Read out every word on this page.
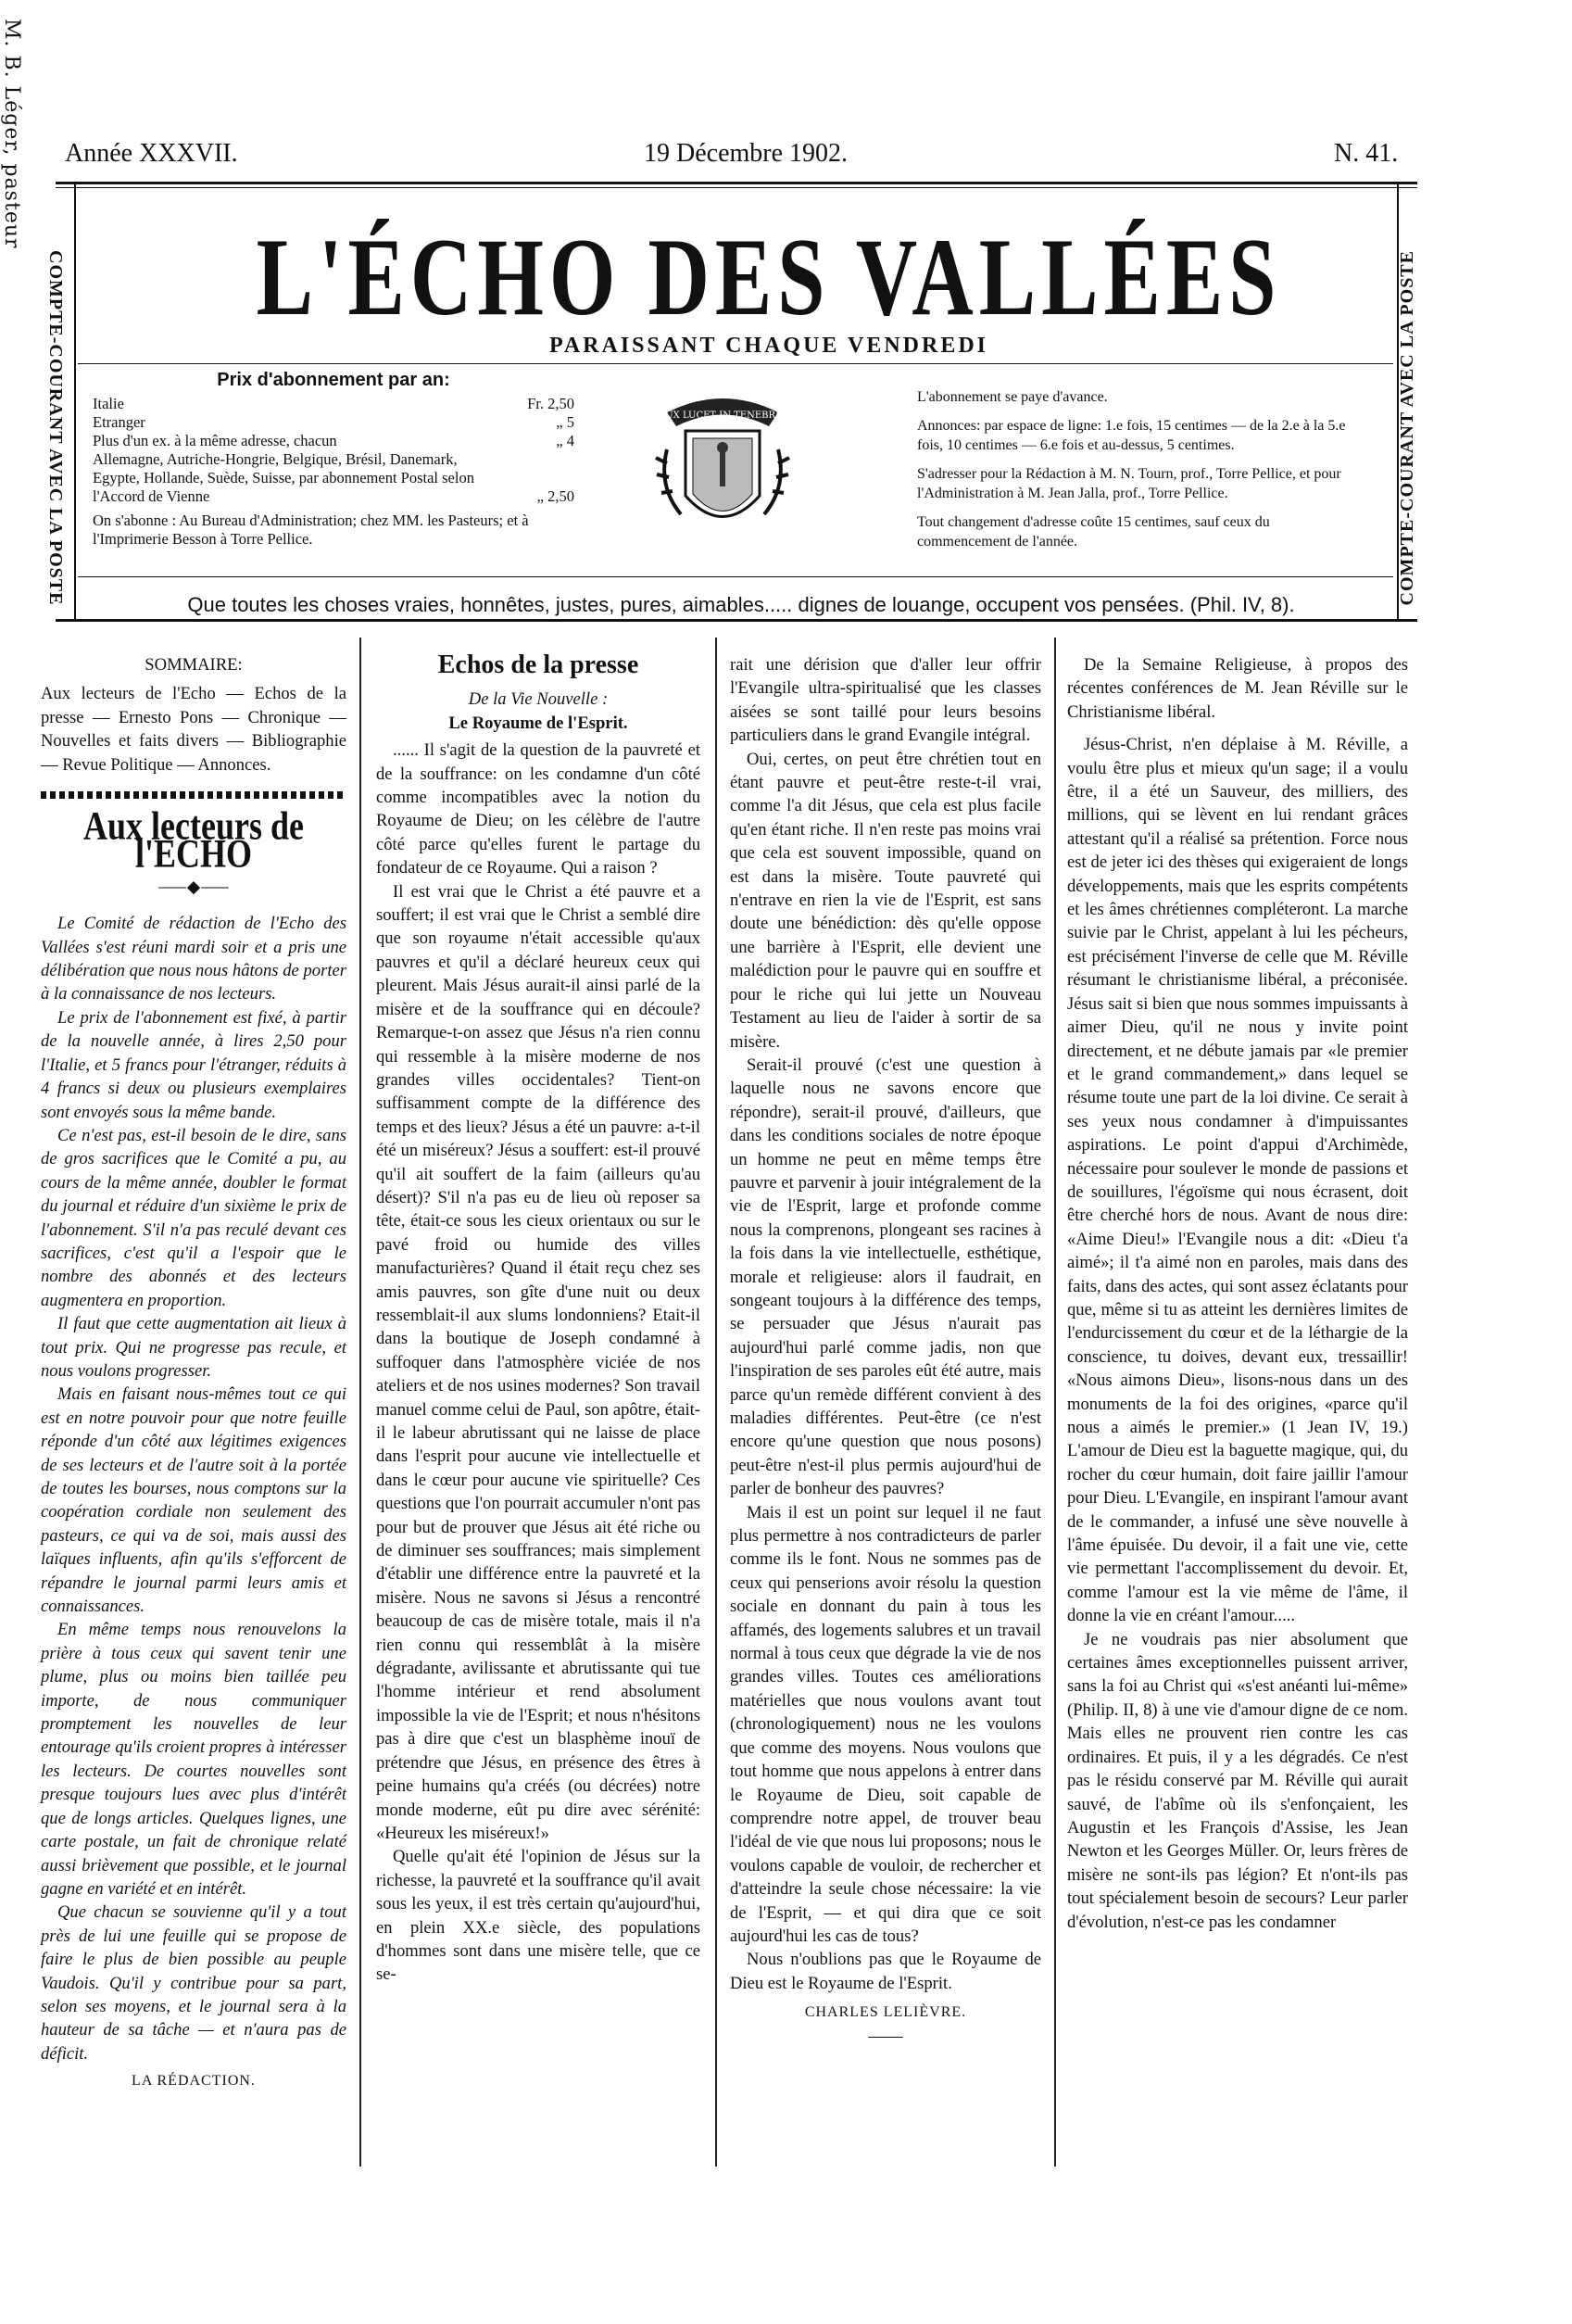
M. B. Léger, pasteur Année XXXVII.	19 Décembre 1902.	N. 41.
COMPTE-COURANT AVEC LA POSTE	COMPTE-COURANT AVEC LA POSTE
L'ÉCHO DES VALLÉES
PARAISSANT CHAQUE VENDREDI
Prix d'abonnement par an:
Italie	Fr. 2,50
Etranger	„ 5
Plus d'un ex. à la même adresse, chacun	„ 4
Allemagne, Autriche-Hongrie, Belgique, Brésil, Danemark, Egypte, Hollande, Suède, Suisse, par abonnement Postal selon l'Accord de Vienne	„ 2,50
On s'abonne : Au Bureau d'Administration; chez MM. les Pasteurs; et à l'Imprimerie Besson à Torre Pellice.
LUX LUCET IN TENEBRIS

L'abonnement se paye d'avance.

Annonces: par espace de ligne: 1.e fois, 15 centimes — de la 2.e à la 5.e fois, 10 centimes — 6.e fois et au-dessus, 5 centimes.

S'adresser pour la Rédaction à M. N. Tourn, prof., Torre Pellice, et pour l'Administration à M. Jean Jalla, prof., Torre Pellice.

Tout changement d'adresse coûte 15 centimes, sauf ceux du commencement de l'année.

Que toutes les choses vraies, honnêtes, justes, pures, aimables..... dignes de louange, occupent vos pensées. (Phil. IV, 8).
SOMMAIRE:

Aux lecteurs de l'Echo — Echos de la presse — Ernesto Pons — Chronique — Nouvelles et faits divers — Bibliographie — Revue Politique — Annonces.

Aux lecteurs de l'ECHO
⸺◆⸺

Le Comité de rédaction de l'Echo des Vallées s'est réuni mardi soir et a pris une délibération que nous nous hâtons de porter à la connaissance de nos lecteurs.

Le prix de l'abonnement est fixé, à partir de la nouvelle année, à lires 2,50 pour l'Italie, et 5 francs pour l'étranger, réduits à 4 francs si deux ou plusieurs exemplaires sont envoyés sous la même bande.

Ce n'est pas, est-il besoin de le dire, sans de gros sacrifices que le Comité a pu, au cours de la même année, doubler le format du journal et réduire d'un sixième le prix de l'abonnement. S'il n'a pas reculé devant ces sacrifices, c'est qu'il a l'espoir que le nombre des abonnés et des lecteurs augmentera en proportion.

Il faut que cette augmentation ait lieux à tout prix. Qui ne progresse pas recule, et nous voulons progresser.

Mais en faisant nous-mêmes tout ce qui est en notre pouvoir pour que notre feuille réponde d'un côté aux légitimes exigences de ses lecteurs et de l'autre soit à la portée de toutes les bourses, nous comptons sur la coopération cordiale non seulement des pasteurs, ce qui va de soi, mais aussi des laïques influents, afin qu'ils s'efforcent de répandre le journal parmi leurs amis et connaissances.

En même temps nous renouvelons la prière à tous ceux qui savent tenir une plume, plus ou moins bien taillée peu importe, de nous communiquer promptement les nouvelles de leur entourage qu'ils croient propres à intéresser les lecteurs. De courtes nouvelles sont presque toujours lues avec plus d'intérêt que de longs articles. Quelques lignes, une carte postale, un fait de chronique relaté aussi brièvement que possible, et le journal gagne en variété et en intérêt.

Que chacun se souvienne qu'il y a tout près de lui une feuille qui se propose de faire le plus de bien possible au peuple Vaudois. Qu'il y contribue pour sa part, selon ses moyens, et le journal sera à la hauteur de sa tâche — et n'aura pas de déficit.

LA RÉDACTION.
Echos de la presse
De la Vie Nouvelle :
Le Royaume de l'Esprit.

...... Il s'agit de la question de la pauvreté et de la souffrance: on les condamne d'un côté comme incompatibles avec la notion du Royaume de Dieu; on les célèbre de l'autre côté parce qu'elles furent le partage du fondateur de ce Royaume. Qui a raison ?

Il est vrai que le Christ a été pauvre et a souffert; il est vrai que le Christ a semblé dire que son royaume n'était accessible qu'aux pauvres et qu'il a déclaré heureux ceux qui pleurent. Mais Jésus aurait-il ainsi parlé de la misère et de la souffrance qui en découle? Remarque-t-on assez que Jésus n'a rien connu qui ressemble à la misère moderne de nos grandes villes occidentales? Tient-on suffisamment compte de la différence des temps et des lieux? Jésus a été un pauvre: a-t-il été un miséreux? Jésus a souffert: est-il prouvé qu'il ait souffert de la faim (ailleurs qu'au désert)? S'il n'a pas eu de lieu où reposer sa tête, était-ce sous les cieux orientaux ou sur le pavé froid ou humide des villes manufacturières? Quand il était reçu chez ses amis pauvres, son gîte d'une nuit ou deux ressemblait-il aux slums londonniens? Etait-il dans la boutique de Joseph condamné à suffoquer dans l'atmosphère viciée de nos ateliers et de nos usines modernes? Son travail manuel comme celui de Paul, son apôtre, était-il le labeur abrutissant qui ne laisse de place dans l'esprit pour aucune vie intellectuelle et dans le cœur pour aucune vie spirituelle? Ces questions que l'on pourrait accumuler n'ont pas pour but de prouver que Jésus ait été riche ou de diminuer ses souffrances; mais simplement d'établir une différence entre la pauvreté et la misère. Nous ne savons si Jésus a rencontré beaucoup de cas de misère totale, mais il n'a rien connu qui ressemblât à la misère dégradante, avilissante et abrutissante qui tue l'homme intérieur et rend absolument impossible la vie de l'Esprit; et nous n'hésitons pas à dire que c'est un blasphème inouï de prétendre que Jésus, en présence des êtres à peine humains qu'a créés (ou décrées) notre monde moderne, eût pu dire avec sérénité: «Heureux les miséreux!»

Quelle qu'ait été l'opinion de Jésus sur la richesse, la pauvreté et la souffrance qu'il avait sous les yeux, il est très certain qu'aujourd'hui, en plein XX.e siècle, des populations d'hommes sont dans une misère telle, que ce se-

rait une dérision que d'aller leur offrir l'Evangile ultra-spiritualisé que les classes aisées se sont taillé pour leurs besoins particuliers dans le grand Evangile intégral.

Oui, certes, on peut être chrétien tout en étant pauvre et peut-être reste-t-il vrai, comme l'a dit Jésus, que cela est plus facile qu'en étant riche. Il n'en reste pas moins vrai que cela est souvent impossible, quand on est dans la misère. Toute pauvreté qui n'entrave en rien la vie de l'Esprit, est sans doute une bénédiction: dès qu'elle oppose une barrière à l'Esprit, elle devient une malédiction pour le pauvre qui en souffre et pour le riche qui lui jette un Nouveau Testament au lieu de l'aider à sortir de sa misère.

Serait-il prouvé (c'est une question à laquelle nous ne savons encore que répondre), serait-il prouvé, d'ailleurs, que dans les conditions sociales de notre époque un homme ne peut en même temps être pauvre et parvenir à jouir intégralement de la vie de l'Esprit, large et profonde comme nous la comprenons, plongeant ses racines à la fois dans la vie intellectuelle, esthétique, morale et religieuse: alors il faudrait, en songeant toujours à la différence des temps, se persuader que Jésus n'aurait pas aujourd'hui parlé comme jadis, non que l'inspiration de ses paroles eût été autre, mais parce qu'un remède différent convient à des maladies différentes. Peut-être (ce n'est encore qu'une question que nous posons) peut-être n'est-il plus permis aujourd'hui de parler de bonheur des pauvres?

Mais il est un point sur lequel il ne faut plus permettre à nos contradicteurs de parler comme ils le font. Nous ne sommes pas de ceux qui penserions avoir résolu la question sociale en donnant du pain à tous les affamés, des logements salubres et un travail normal à tous ceux que dégrade la vie de nos grandes villes. Toutes ces améliorations matérielles que nous voulons avant tout (chronologiquement) nous ne les voulons que comme des moyens. Nous voulons que tout homme que nous appelons à entrer dans le Royaume de Dieu, soit capable de comprendre notre appel, de trouver beau l'idéal de vie que nous lui proposons; nous le voulons capable de vouloir, de rechercher et d'atteindre la seule chose nécessaire: la vie de l'Esprit, — et qui dira que ce soit aujourd'hui les cas de tous?

Nous n'oublions pas que le Royaume de Dieu est le Royaume de l'Esprit.

CHARLES LELIÈVRE.
——

De la Semaine Religieuse, à propos des récentes conférences de M. Jean Réville sur le Christianisme libéral.

Jésus-Christ, n'en déplaise à M. Réville, a voulu être plus et mieux qu'un sage; il a voulu être, il a été un Sauveur, des milliers, des millions, qui se lèvent en lui rendant grâces attestant qu'il a réalisé sa prétention. Force nous est de jeter ici des thèses qui exigeraient de longs développements, mais que les esprits compétents et les âmes chrétiennes compléteront. La marche suivie par le Christ, appelant à lui les pécheurs, est précisément l'inverse de celle que M. Réville résumant le christianisme libéral, a préconisée. Jésus sait si bien que nous sommes impuissants à aimer Dieu, qu'il ne nous y invite point directement, et ne débute jamais par «le premier et le grand commandement,» dans lequel se résume toute une part de la loi divine. Ce serait à ses yeux nous condamner à d'impuissantes aspirations. Le point d'appui d'Archimède, nécessaire pour soulever le monde de passions et de souillures, l'égoïsme qui nous écrasent, doit être cherché hors de nous. Avant de nous dire: «Aime Dieu!» l'Evangile nous a dit: «Dieu t'a aimé»; il t'a aimé non en paroles, mais dans des faits, dans des actes, qui sont assez éclatants pour que, même si tu as atteint les dernières limites de l'endurcissement du cœur et de la léthargie de la conscience, tu doives, devant eux, tressaillir! «Nous aimons Dieu», lisons-nous dans un des monuments de la foi des origines, «parce qu'il nous a aimés le premier.» (1 Jean IV, 19.) L'amour de Dieu est la baguette magique, qui, du rocher du cœur humain, doit faire jaillir l'amour pour Dieu. L'Evangile, en inspirant l'amour avant de le commander, a infusé une sève nouvelle à l'âme épuisée. Du devoir, il a fait une vie, cette vie permettant l'accomplissement du devoir. Et, comme l'amour est la vie même de l'âme, il donne la vie en créant l'amour.....

Je ne voudrais pas nier absolument que certaines âmes exceptionnelles puissent arriver, sans la foi au Christ qui «s'est anéanti lui-même» (Philip. II, 8) à une vie d'amour digne de ce nom. Mais elles ne prouvent rien contre les cas ordinaires. Et puis, il y a les dégradés. Ce n'est pas le résidu conservé par M. Réville qui aurait sauvé, de l'abîme où ils s'enfonçaient, les Augustin et les François d'Assise, les Jean Newton et les Georges Müller. Or, leurs frères de misère ne sont-ils pas légion? Et n'ont-ils pas tout spécialement besoin de secours? Leur parler d'évolution, n'est-ce pas les condamner
